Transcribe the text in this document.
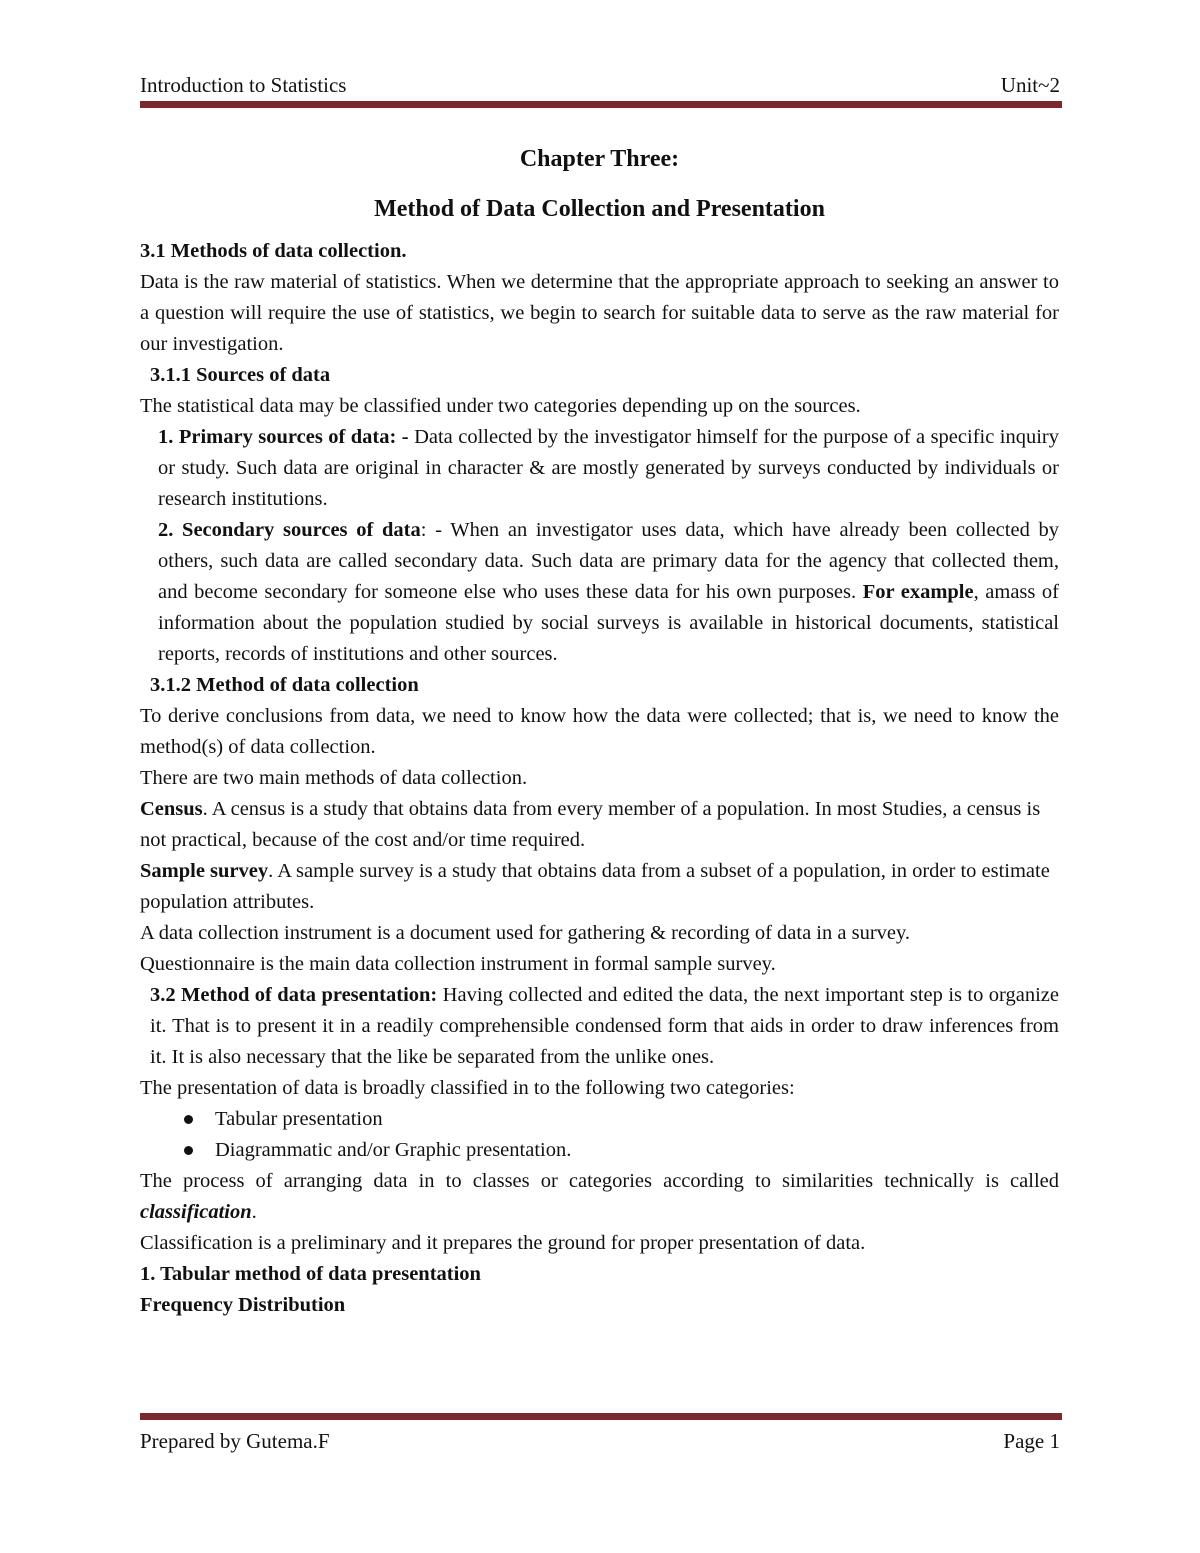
Introduction to Statistics	Unit~2

Chapter Three:

Method of Data Collection and Presentation

3.1 Methods of data collection.

Data is the raw material of statistics. When we determine that the appropriate approach to seeking an answer to a question will require the use of statistics, we begin to search for suitable data to serve as the raw material for our investigation.

3.1.1 Sources of data

The statistical data may be classified under two categories depending up on the sources.

1. Primary sources of data: - Data collected by the investigator himself for the purpose of a specific inquiry or study. Such data are original in character & are mostly generated by surveys conducted by individuals or research institutions.

2. Secondary sources of data: - When an investigator uses data, which have already been collected by others, such data are called secondary data. Such data are primary data for the agency that collected them, and become secondary for someone else who uses these data for his own purposes. For example, amass of information about the population studied by social surveys is available in historical documents, statistical reports, records of institutions and other sources.

3.1.2 Method of data collection

To derive conclusions from data, we need to know how the data were collected; that is, we need to know the method(s) of data collection.

There are two main methods of data collection.

Census. A census is a study that obtains data from every member of a population. In most Studies, a census is not practical, because of the cost and/or time required.

Sample survey. A sample survey is a study that obtains data from a subset of a population, in order to estimate population attributes.

A data collection instrument is a document used for gathering & recording of data in a survey.

Questionnaire is the main data collection instrument in formal sample survey.

3.2 Method of data presentation: Having collected and edited the data, the next important step is to organize it. That is to present it in a readily comprehensible condensed form that aids in order to draw inferences from it. It is also necessary that the like be separated from the unlike ones.

The presentation of data is broadly classified in to the following two categories:

Tabular presentation
Diagrammatic and/or Graphic presentation.

The process of arranging data in to classes or categories according to similarities technically is called classification.

Classification is a preliminary and it prepares the ground for proper presentation of data.

1. Tabular method of data presentation

Frequency Distribution

Prepared by Gutema.F	Page 1
